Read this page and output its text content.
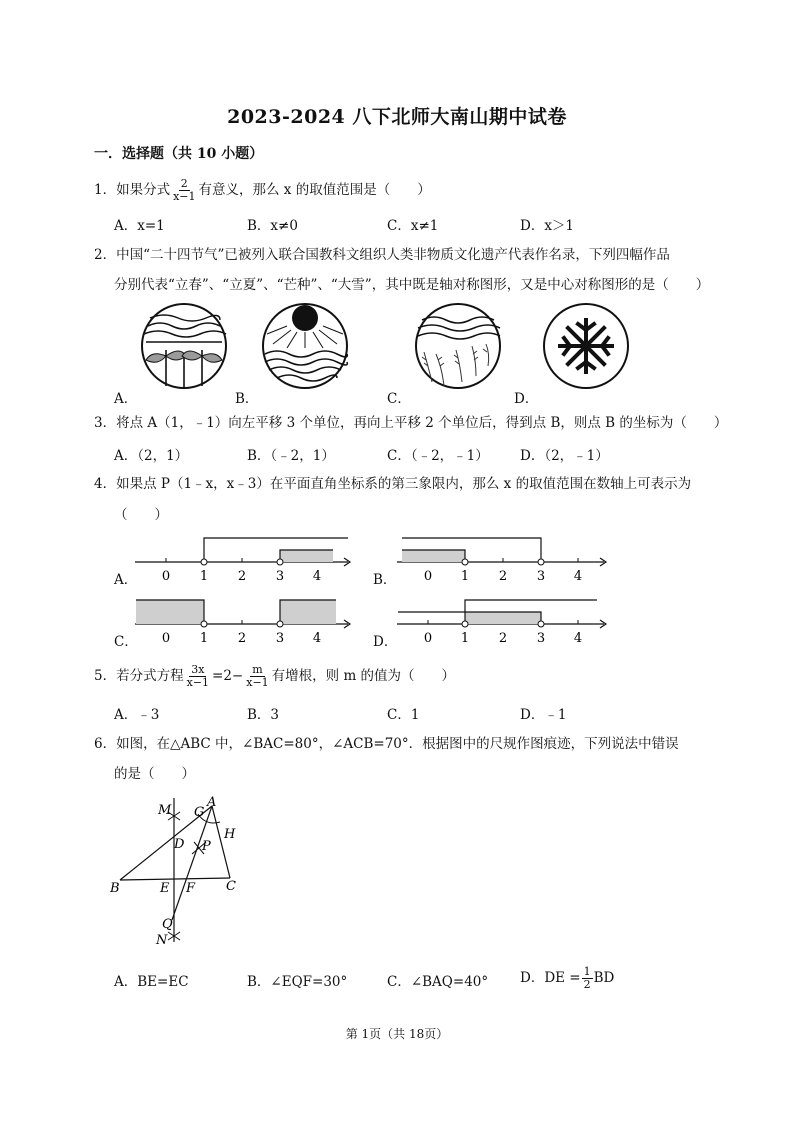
2023-2024 八下北师大南山期中试卷
一．选择题（共 10 小题）
1．如果分式 $\frac{2}{x-1}$ 有意义，那么 x 的取值范围是（　　）
A．x=1	B．x≠0	C．x≠1	D．x＞1
2．中国“二十四节气”已被列入联合国教科文组织人类非物质文化遗产代表作名录，下列四幅作品
分别代表“立春”、“立夏”、“芒种”、“大雪”，其中既是轴对称图形，又是中心对称图形的是（　　）
A．	B．	C．	D．
3．将点 A（1，﹣1）向左平移 3 个单位，再向上平移 2 个单位后，得到点 B，则点 B 的坐标为（　　）
A．（2，1）	B．（﹣2，1）	C．（﹣2，﹣1） D．（2，﹣1）
4．如果点 P（1﹣x，x﹣3）在平面直角坐标系的第三象限内，那么 x 的取值范围在数轴上可表示为
（　　）
0 1 2 3 4
A．	0 1 2 3 4
B．
0 1 2 3 4
C．	0 1 2 3 4
D．
5．若分式方程 $\frac{3x}{x-1} =2- \frac{m}{x-1}$ 有增根，则 m 的值为（　　）
A．﹣3	B．3	C．1	D．﹣1
6．如图，在△ABC 中，∠BAC=80°，∠ACB=70°．根据图中的尺规作图痕迹，下列说法中错误
的是（　　）
M G
A
H
D P
B	E F C
Q
N
A．BE=EC	B．∠EQF=30°	C．∠BAQ=40° D．DE = $\frac{1}{2}$ BD
第 1页（共 18页）
